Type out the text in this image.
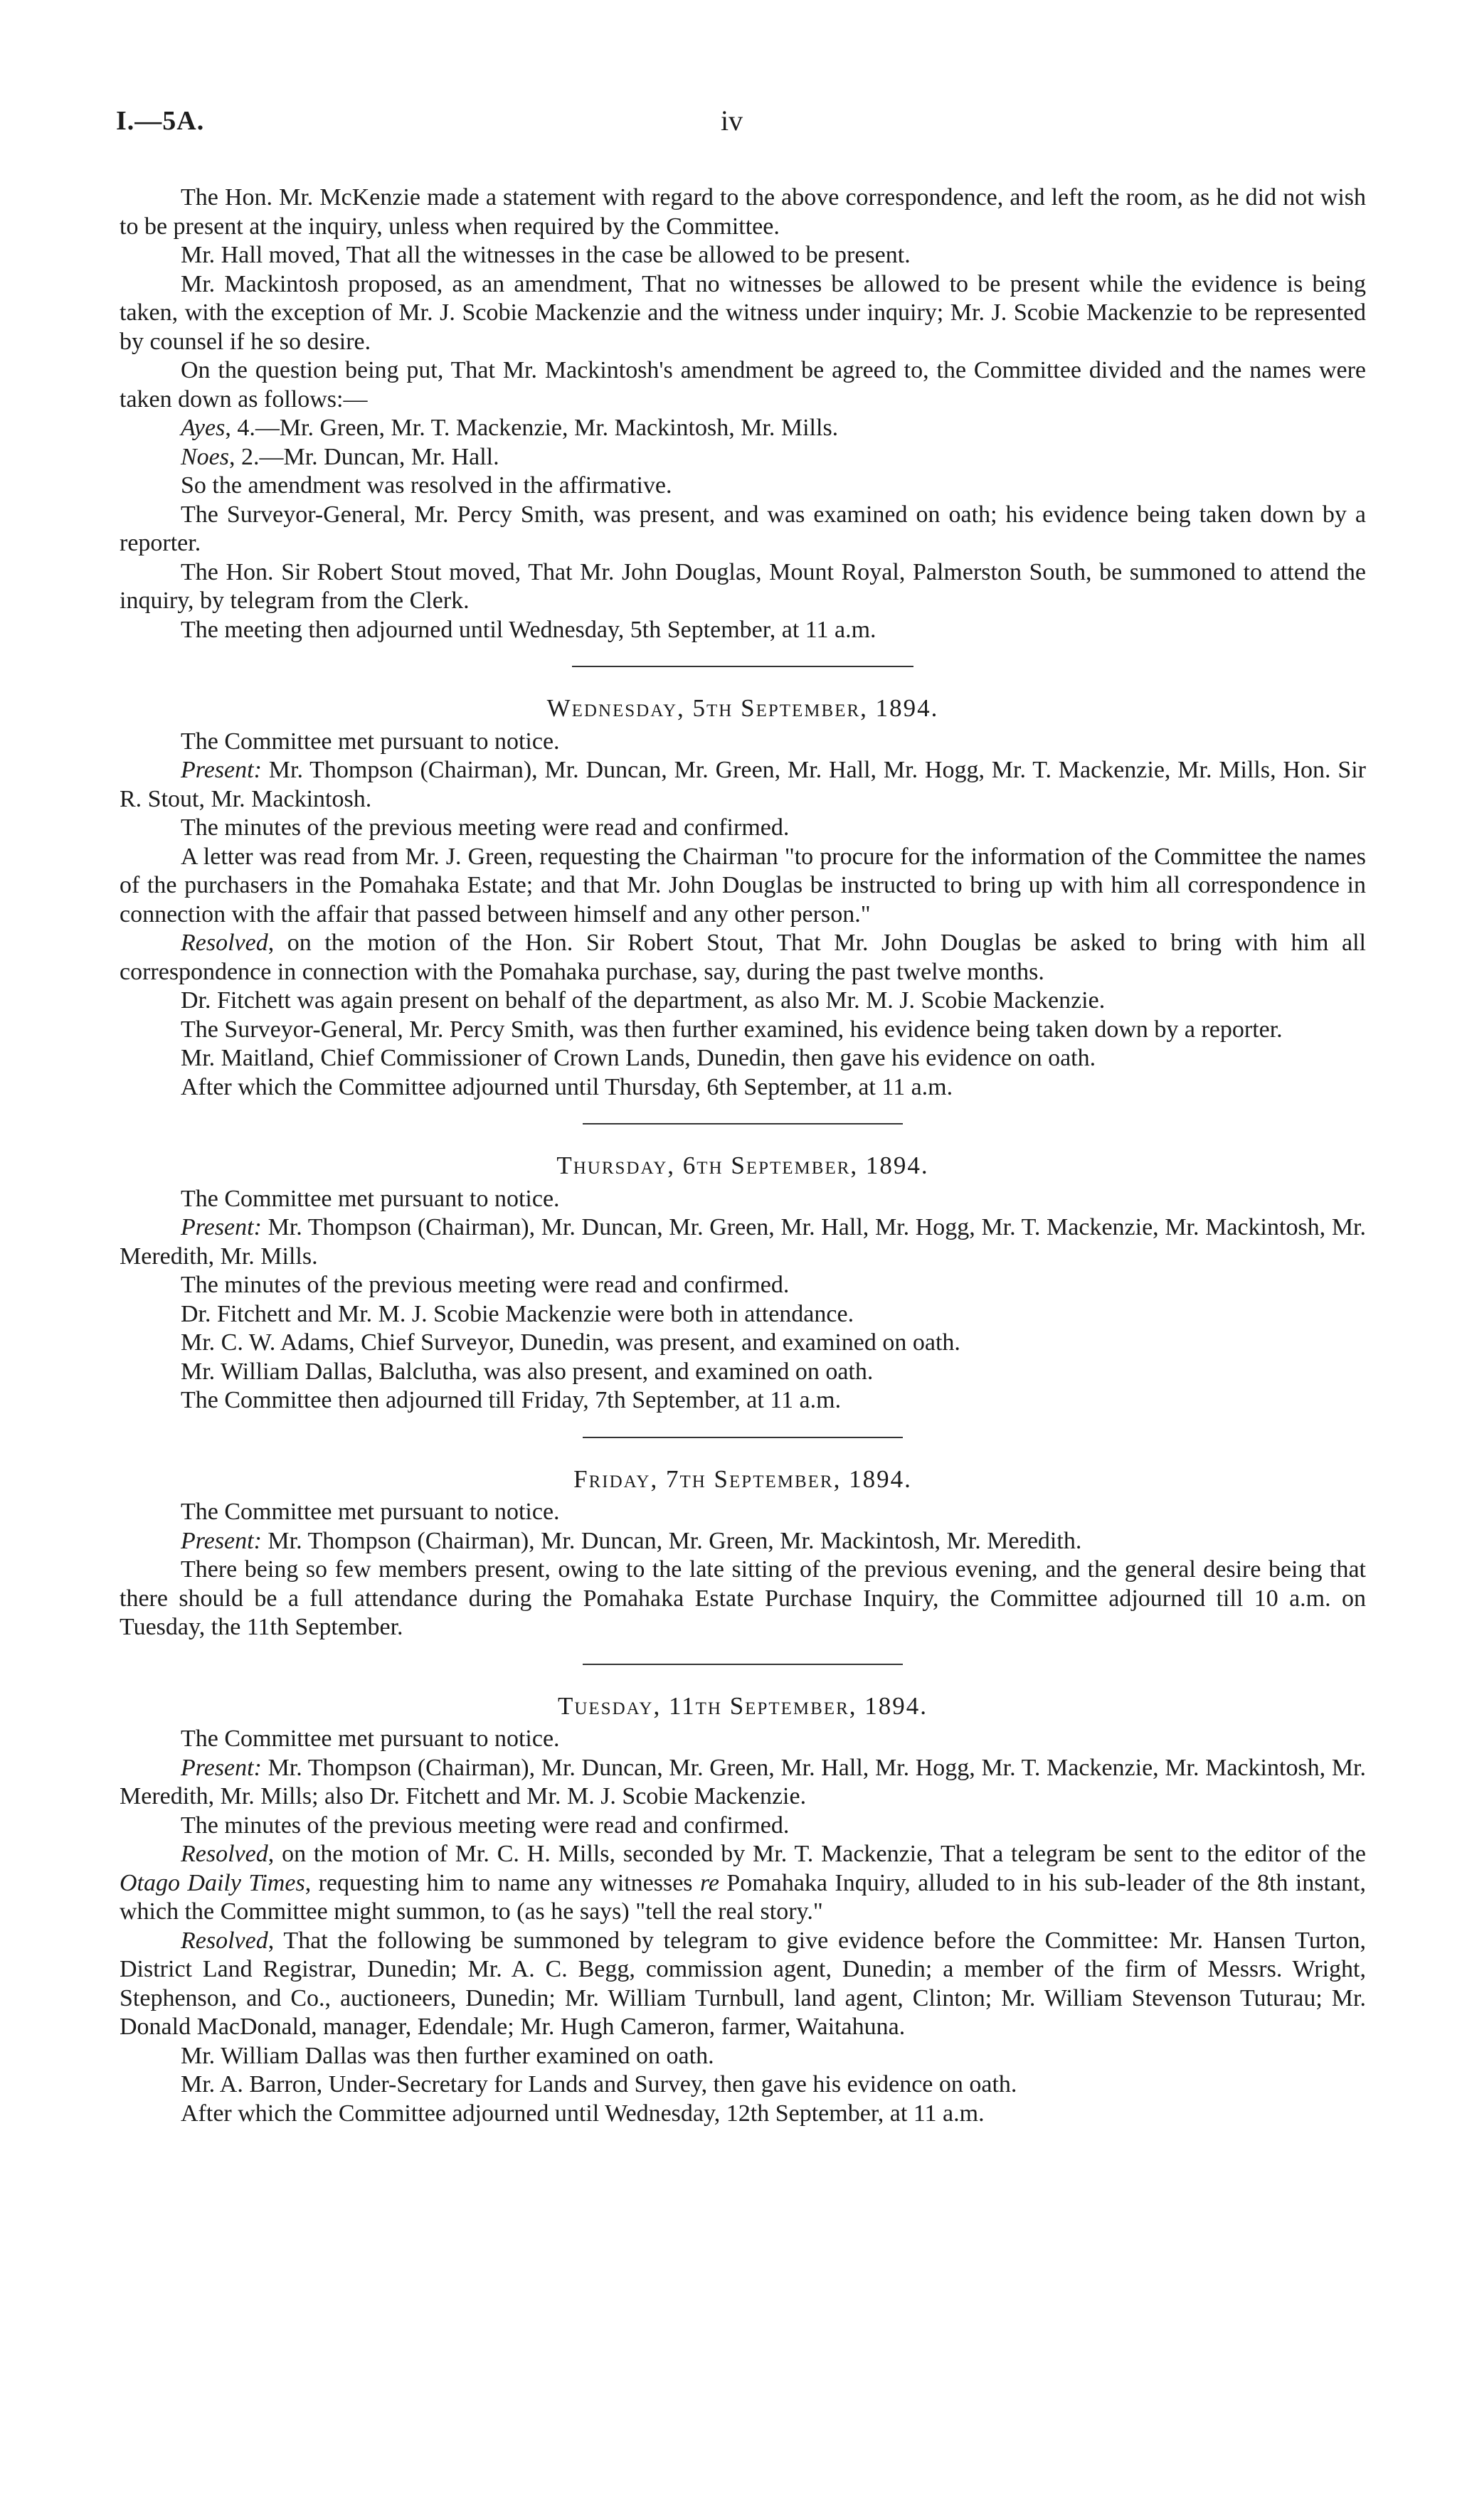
I.—5A.	iv

The Hon. Mr. McKenzie made a statement with regard to the above correspondence, and left the room, as he did not wish to be present at the inquiry, unless when required by the Committee.

Mr. Hall moved, That all the witnesses in the case be allowed to be present.

Mr. Mackintosh proposed, as an amendment, That no witnesses be allowed to be present while the evidence is being taken, with the exception of Mr. J. Scobie Mackenzie and the witness under inquiry; Mr. J. Scobie Mackenzie to be represented by counsel if he so desire.

On the question being put, That Mr. Mackintosh's amendment be agreed to, the Committee divided and the names were taken down as follows:—

Ayes, 4.—Mr. Green, Mr. T. Mackenzie, Mr. Mackintosh, Mr. Mills.

Noes, 2.—Mr. Duncan, Mr. Hall.

So the amendment was resolved in the affirmative.

The Surveyor-General, Mr. Percy Smith, was present, and was examined on oath; his evidence being taken down by a reporter.

The Hon. Sir Robert Stout moved, That Mr. John Douglas, Mount Royal, Palmerston South, be summoned to attend the inquiry, by telegram from the Clerk.

The meeting then adjourned until Wednesday, 5th September, at 11 a.m.

Wednesday, 5th September, 1894.

The Committee met pursuant to notice.

Present: Mr. Thompson (Chairman), Mr. Duncan, Mr. Green, Mr. Hall, Mr. Hogg, Mr. T. Mackenzie, Mr. Mills, Hon. Sir R. Stout, Mr. Mackintosh.

The minutes of the previous meeting were read and confirmed.

A letter was read from Mr. J. Green, requesting the Chairman "to procure for the information of the Committee the names of the purchasers in the Pomahaka Estate; and that Mr. John Douglas be instructed to bring up with him all correspondence in connection with the affair that passed between himself and any other person."

Resolved, on the motion of the Hon. Sir Robert Stout, That Mr. John Douglas be asked to bring with him all correspondence in connection with the Pomahaka purchase, say, during the past twelve months.

Dr. Fitchett was again present on behalf of the department, as also Mr. M. J. Scobie Mackenzie.

The Surveyor-General, Mr. Percy Smith, was then further examined, his evidence being taken down by a reporter.

Mr. Maitland, Chief Commissioner of Crown Lands, Dunedin, then gave his evidence on oath.

After which the Committee adjourned until Thursday, 6th September, at 11 a.m.

Thursday, 6th September, 1894.

The Committee met pursuant to notice.

Present: Mr. Thompson (Chairman), Mr. Duncan, Mr. Green, Mr. Hall, Mr. Hogg, Mr. T. Mackenzie, Mr. Mackintosh, Mr. Meredith, Mr. Mills.

The minutes of the previous meeting were read and confirmed.

Dr. Fitchett and Mr. M. J. Scobie Mackenzie were both in attendance.

Mr. C. W. Adams, Chief Surveyor, Dunedin, was present, and examined on oath.

Mr. William Dallas, Balclutha, was also present, and examined on oath.

The Committee then adjourned till Friday, 7th September, at 11 a.m.

Friday, 7th September, 1894.

The Committee met pursuant to notice.

Present: Mr. Thompson (Chairman), Mr. Duncan, Mr. Green, Mr. Mackintosh, Mr. Meredith.

There being so few members present, owing to the late sitting of the previous evening, and the general desire being that there should be a full attendance during the Pomahaka Estate Purchase Inquiry, the Committee adjourned till 10 a.m. on Tuesday, the 11th September.

Tuesday, 11th September, 1894.

The Committee met pursuant to notice.

Present: Mr. Thompson (Chairman), Mr. Duncan, Mr. Green, Mr. Hall, Mr. Hogg, Mr. T. Mackenzie, Mr. Mackintosh, Mr. Meredith, Mr. Mills; also Dr. Fitchett and Mr. M. J. Scobie Mackenzie.

The minutes of the previous meeting were read and confirmed.

Resolved, on the motion of Mr. C. H. Mills, seconded by Mr. T. Mackenzie, That a telegram be sent to the editor of the Otago Daily Times, requesting him to name any witnesses re Pomahaka Inquiry, alluded to in his sub-leader of the 8th instant, which the Committee might summon, to (as he says) "tell the real story."

Resolved, That the following be summoned by telegram to give evidence before the Committee: Mr. Hansen Turton, District Land Registrar, Dunedin; Mr. A. C. Begg, commission agent, Dunedin; a member of the firm of Messrs. Wright, Stephenson, and Co., auctioneers, Dunedin; Mr. William Turnbull, land agent, Clinton; Mr. William Stevenson Tuturau; Mr. Donald MacDonald, manager, Edendale; Mr. Hugh Cameron, farmer, Waitahuna.

Mr. William Dallas was then further examined on oath.

Mr. A. Barron, Under-Secretary for Lands and Survey, then gave his evidence on oath.

After which the Committee adjourned until Wednesday, 12th September, at 11 a.m.
